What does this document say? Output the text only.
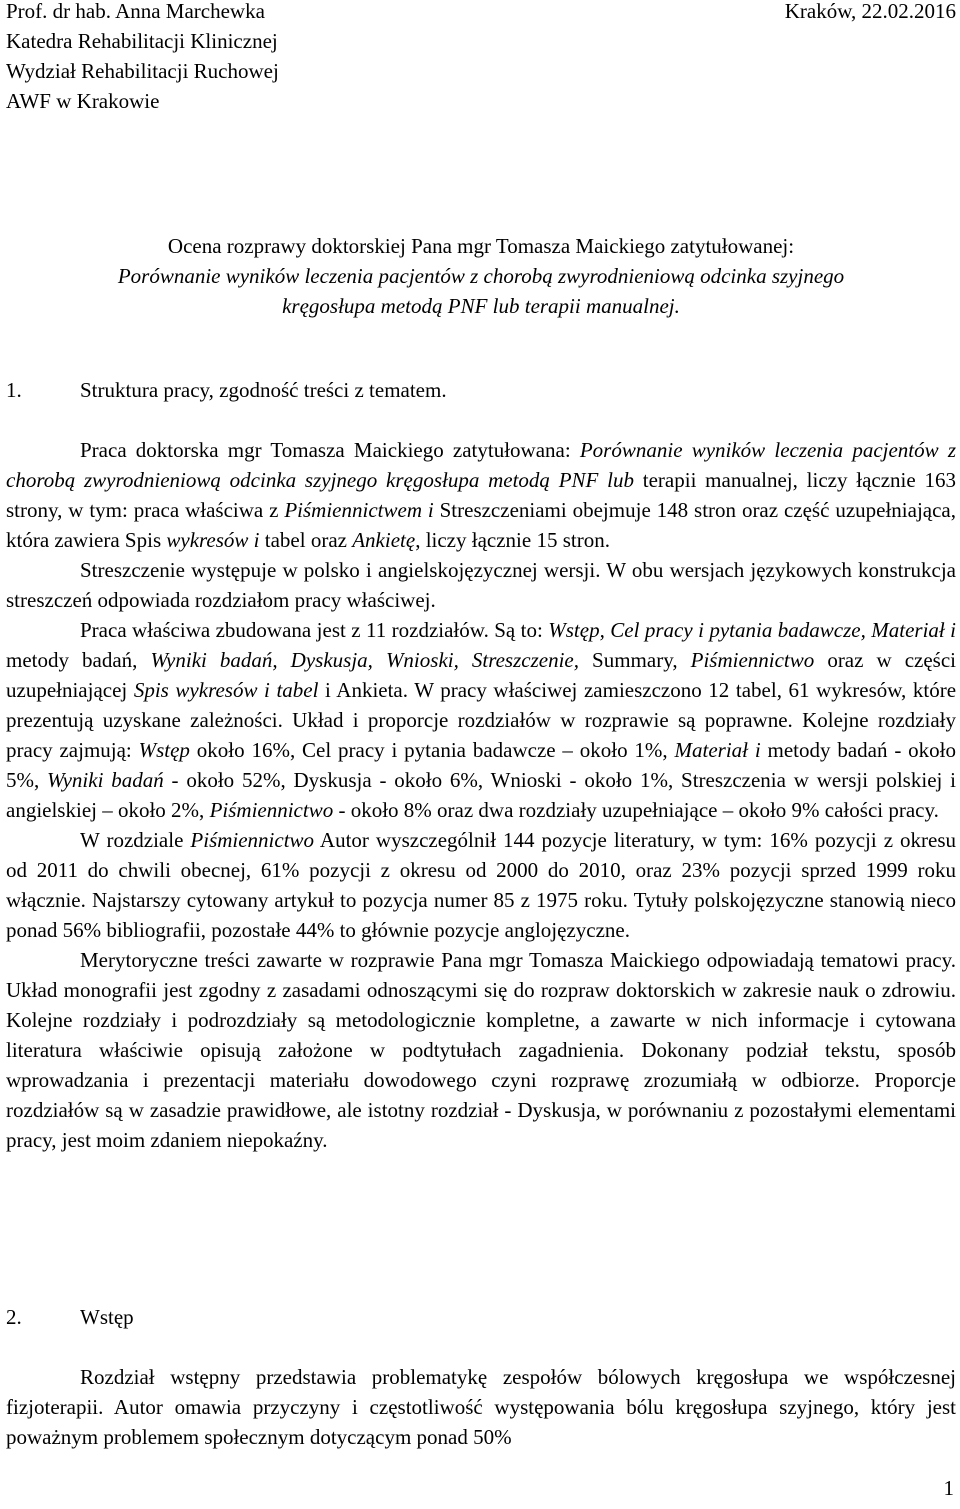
Prof. dr hab. Anna Marchewka
Katedra Rehabilitacji Klinicznej
Wydział Rehabilitacji Ruchowej
AWF w Krakowie
Kraków, 22.02.2016
Ocena rozprawy doktorskiej Pana mgr Tomasza Maickiego zatytułowanej:
Porównanie wyników leczenia pacjentów z chorobą zwyrodnieniową odcinka szyjnego
kręgosłupa metodą PNF lub terapii manualnej.
1.	Struktura pracy, zgodność treści z tematem.

Praca doktorska mgr Tomasza Maickiego zatytułowana: Porównanie wyników leczenia pacjentów z chorobą zwyrodnieniową odcinka szyjnego kręgosłupa metodą PNF lub terapii manualnej, liczy łącznie 163 strony, w tym: praca właściwa z Piśmiennictwem i Streszczeniami obejmuje 148 stron oraz część uzupełniająca, która zawiera Spis wykresów i tabel oraz Ankietę, liczy łącznie 15 stron.

Streszczenie występuje w polsko i angielskojęzycznej wersji. W obu wersjach językowych konstrukcja streszczeń odpowiada rozdziałom pracy właściwej.

Praca właściwa zbudowana jest z 11 rozdziałów. Są to: Wstęp, Cel pracy i pytania badawcze, Materiał i metody badań, Wyniki badań, Dyskusja, Wnioski, Streszczenie, Summary, Piśmiennictwo oraz w części uzupełniającej Spis wykresów i tabel i Ankieta. W pracy właściwej zamieszczono 12 tabel, 61 wykresów, które prezentują uzyskane zależności. Układ i proporcje rozdziałów w rozprawie są poprawne. Kolejne rozdziały pracy zajmują: Wstęp około 16%, Cel pracy i pytania badawcze – około 1%, Materiał i metody badań - około 5%, Wyniki badań - około 52%, Dyskusja - około 6%, Wnioski - około 1%, Streszczenia w wersji polskiej i angielskiej – około 2%, Piśmiennictwo - około 8% oraz dwa rozdziały uzupełniające – około 9% całości pracy.

W rozdziale Piśmiennictwo Autor wyszczególnił 144 pozycje literatury, w tym: 16% pozycji z okresu od 2011 do chwili obecnej, 61% pozycji z okresu od 2000 do 2010, oraz 23% pozycji sprzed 1999 roku włącznie. Najstarszy cytowany artykuł to pozycja numer 85 z 1975 roku. Tytuły polskojęzyczne stanowią nieco ponad 56% bibliografii, pozostałe 44% to głównie pozycje anglojęzyczne.

Merytoryczne treści zawarte w rozprawie Pana mgr Tomasza Maickiego odpowiadają tematowi pracy. Układ monografii jest zgodny z zasadami odnoszącymi się do rozpraw doktorskich w zakresie nauk o zdrowiu. Kolejne rozdziały i podrozdziały są metodologicznie kompletne, a zawarte w nich informacje i cytowana literatura właściwie opisują założone w podtytułach zagadnienia. Dokonany podział tekstu, sposób wprowadzania i prezentacji materiału dowodowego czyni rozprawę zrozumiałą w odbiorze. Proporcje rozdziałów są w zasadzie prawidłowe, ale istotny rozdział - Dyskusja, w porównaniu z pozostałymi elementami pracy, jest moim zdaniem niepokaźny.

2.	Wstęp

Rozdział wstępny przedstawia problematykę zespołów bólowych kręgosłupa we współczesnej fizjoterapii. Autor omawia przyczyny i częstotliwość występowania bólu kręgosłupa szyjnego, który jest poważnym problemem społecznym dotyczącym ponad 50%

1
